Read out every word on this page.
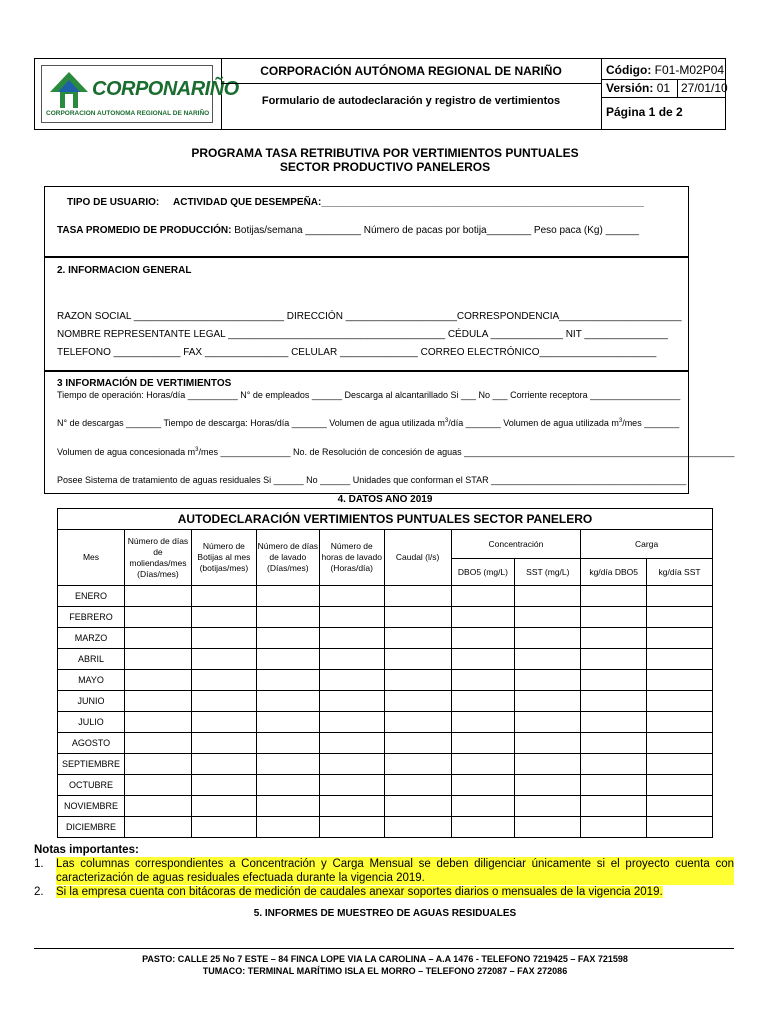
CORPONARIÑO
CORPORACION AUTONOMA REGIONAL DE NARIÑO
CORPORACIÓN AUTÓNOMA REGIONAL DE NARIÑO
Formulario de autodeclaración y registro de vertimientos
Código: F01-M02P04
Versión: 01 27/01/10
Página 1 de 2
PROGRAMA TASA RETRIBUTIVA POR VERTIMIENTOS PUNTUALES
SECTOR PRODUCTIVO PANELEROS
TIPO DE USUARIO: ACTIVIDAD QUE DESEMPEÑA:__________________________________________________________
TASA PROMEDIO DE PRODUCCIÓN: Botijas/semana __________ Número de pacas por botija________ Peso paca (Kg) ______
2. INFORMACION GENERAL
RAZON SOCIAL ___________________________ DIRECCIÓN ____________________CORRESPONDENCIA______________________
NOMBRE REPRESENTANTE LEGAL _______________________________________ CÉDULA _____________ NIT _______________
TELEFONO ____________ FAX _______________ CELULAR ______________ CORREO ELECTRÓNICO_____________________
3 INFORMACIÓN DE VERTIMIENTOS
Tiempo de operación: Horas/día __________ N° de empleados ______ Descarga al alcantarillado Si ___ No ___ Corriente receptora __________________
N° de descargas _______ Tiempo de descarga: Horas/día _______ Volumen de agua utilizada $m^3$/día _______ Volumen de agua utilizada $m^3$/mes _______
Volumen de agua concesionada $m^3$/mes ______________ No. de Resolución de concesión de aguas ______________________________________________________
Posee Sistema de tratamiento de aguas residuales Si ______ No ______ Unidades que conforman el STAR _______________________________________
4. DATOS AÑO 2019
AUTODECLARACIÓN VERTIMIENTOS PUNTUALES SECTOR PANELERO									
Mes	Número de días de moliendas/mes (Días/mes)	Número de Botijas al mes (botijas/mes)	Número de días de lavado (Días/mes)	Número de horas de lavado (Horas/día)	Caudal (l/s)	Concentración		Carga	
						DBO5 (mg/L)	SST (mg/L)	kg/día DBO5	kg/día SST
ENERO									
FEBRERO									
MARZO									
ABRIL									
MAYO									
JUNIO									
JULIO									
AGOSTO									
SEPTIEMBRE									
OCTUBRE									
NOVIEMBRE									
DICIEMBRE									
Notas importantes:
1.	Las columnas correspondientes a Concentración y Carga Mensual se deben diligenciar únicamente si el proyecto cuenta con caracterización de aguas residuales efectuada durante la vigencia 2019.
2.	Si la empresa cuenta con bitácoras de medición de caudales anexar soportes diarios o mensuales de la vigencia 2019.
5. INFORMES DE MUESTREO DE AGUAS RESIDUALES
PASTO: CALLE 25 No 7 ESTE – 84 FINCA LOPE VIA LA CAROLINA – A.A 1476 - TELEFONO 7219425 – FAX 721598
TUMACO: TERMINAL MARÍTIMO ISLA EL MORRO – TELEFONO 272087 – FAX 272086
